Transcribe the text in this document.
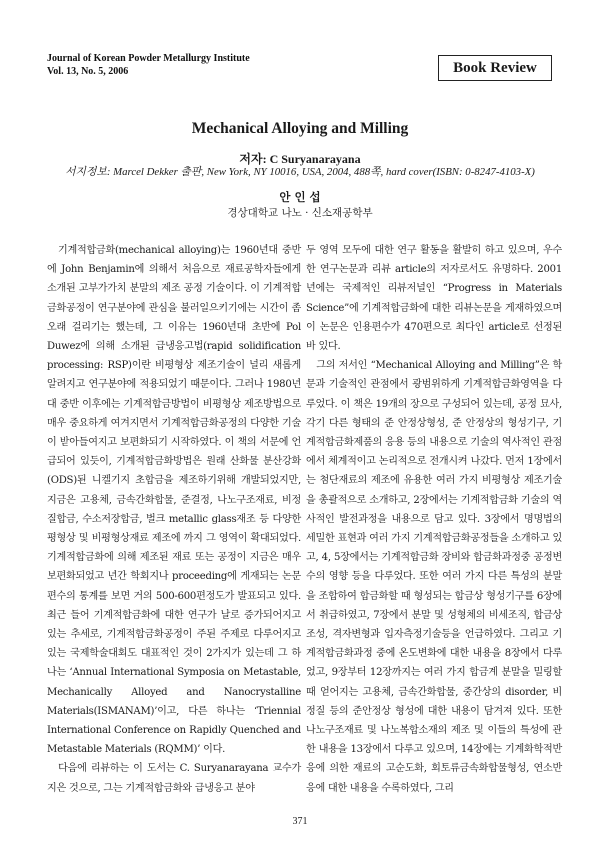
Journal of Korean Powder Metallurgy Institute
Vol. 13, No. 5, 2006	Book Review
Mechanical Alloying and Milling
저자: C Suryanarayana
서지정보: Marcel Dekker 출판, New York, NY 10016, USA, 2004, 488쪽, hard cover(ISBN: 0-8247-4103-X)
안 인 섭
경상대학교 나노 · 신소재공학부

　기계적합금화(mechanical alloying)는 1960년대 중반에 John Benjamin에 의해서 처음으로 재료공학자들에게 소개된 고부가가치 분말의 제조 공정 기술이다. 이 기계적합금화공정이 연구분야에 관심을 불러일으키기에는 시간이 좀 오래 걸리기는 했는데, 그 이유는 1960년대 초반에 Pol Duwez에 의해 소개된 급냉응고법(rapid solidification processing: RSP)이란 비평형상 제조기술이 널리 새롭게 알려지고 연구분야에 적용되었기 때문이다. 그러나 1980년대 중반 이후에는 기계적합금방법이 비평형상 제조방법으로 매우 중요하게 여겨지면서 기계적합금화공정의 다양한 기술이 받아들여지고 보편화되기 시작하였다. 이 책의 서문에 언급되어 있듯이, 기계적합금화방법은 원래 산화물 분산강화(ODS)된 니켈기지 초합금을 제조하기위해 개발되었지만, 지금은 고용체, 금속간화합물, 준결정, 나노구조재료, 비정질합금, 수소저장합금, 벌크 metallic glass재조 등 다양한 평형상 및 비평형상재료 제조에 까지 그 영역이 확대되었다. 기계적합금화에 의해 제조된 재료 또는 공정이 지금은 매우 보편화되었고 년간 학회지나 proceeding에 게재되는 논문 편수의 통계를 보면 거의 500-600편정도가 발표되고 있다. 최근 들어 기계적합금화에 대한 연구가 날로 증가되어지고 있는 추세로, 기계적합금화공정이 주된 주제로 다루어지고 있는 국제학술대회도 대표적인 것이 2가지가 있는데 그 하나는 ‘Annual International Symposia on Metastable, Mechanically Alloyed and Nanocrystalline Materials(ISMANAM)’이고, 다른 하나는 ‘Triennial International Conference on Rapidly Quenched and Metastable Materials (RQMM)’ 이다.

　다음에 리뷰하는 이 도서는 C. Suryanarayana 교수가 지은 것으로, 그는 기계적합금화와 급냉응고 분야

두 영역 모두에 대한 연구 활동을 활발히 하고 있으며, 우수한 연구논문과 리뷰 article의 저자로서도 유명하다. 2001년에는 국제적인 리뷰저널인 “Progress in Materials Science”에 기계적합금화에 대한 리뷰논문을 게재하였으며 이 논문은 인용편수가 470편으로 최다인 article로 선정된 바 있다.

　그의 저서인 “Mechanical Alloying and Milling”은 학문과 기술적인 관점에서 광범위하게 기계적합금화영역을 다루었다. 이 책은 19개의 장으로 구성되어 있는데, 공정 묘사, 각기 다른 형태의 준 안정상형성, 준 안정상의 형성기구, 기계적합금화제품의 응용 등의 내용으로 기술의 역사적인 관점에서 체계적이고 논리적으로 전개시켜 나갔다. 먼저 1장에서는 첨단재료의 제조에 유용한 여러 가지 비평형상 제조기술을 총괄적으로 소개하고, 2장에서는 기계적합금화 기술의 역사적인 발전과정을 내용으로 담고 있다. 3장에서 명명법의 세밀한 표현과 여러 가지 기계적합금화공정들을 소개하고 있고, 4, 5장에서는 기계적합금화 장비와 합금화과정중 공정변수의 영향 등을 다루었다. 또한 여러 가지 다른 특성의 분말을 조합하여 합금화할 때 형성되는 합금상 형성기구를 6장에서 취급하였고, 7장에서 분말 및 성형체의 비세조직, 합금상 조성, 격자변형과 입자측정기술등을 언급하였다. 그리고 기계적합금화과정 중에 온도변화에 대한 내용을 8장에서 다루었고, 9장부터 12장까지는 여러 가지 합금계 분말을 밀링할 때 얻어지는 고용체, 금속간화합물, 중간상의 disorder, 비정질 등의 준안정상 형성에 대한 내용이 담겨져 있다. 또한 나노구조재료 및 나노복합소재의 제조 및 이들의 특성에 관한 내용을 13장에서 다루고 있으며, 14장에는 기계화학적반응에 의한 재료의 고순도화, 회토류금속화합물형성, 연소반응에 대한 내용을 수록하였다, 그리

371
